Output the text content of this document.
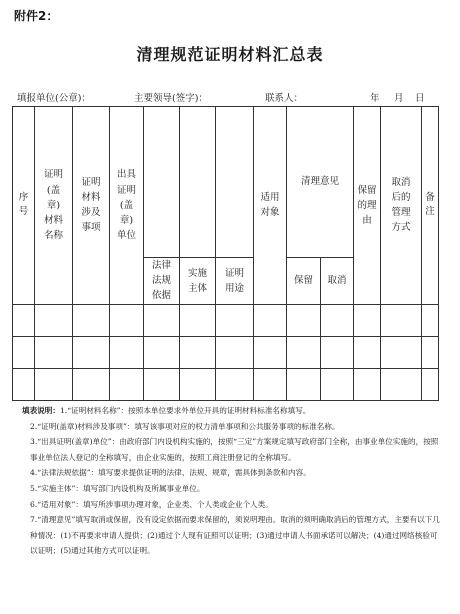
附件2：
清理规范证明材料汇总表
填报单位(公章)：	主要领导(签字)：	联系人：	年 月 日
序号	证明(盖章)材料名称	证明材料涉及事项	出具证明(盖章)单位				适用对象	清理意见		保留的理由	取消后的管理方式	备注
				法律法规依据	实施主体	证明用途		保留	取消			

填表说明：1.“证明材料名称”：按照本单位要求外单位开具的证明材料标准名称填写。

2.“证明(盖章)材料涉及事项”：填写该事项对应的权力清单事项和公共服务事项的标准名称。

3.“出具证明(盖章)单位”：由政府部门内设机构实施的，按照“三定”方案规定填写政府部门全称，由事业单位实施的，按照事业单位法人登记的全称填写，由企业实施的，按照工商注册登记的全称填写。

4.“法律法规依据”：填写要求提供证明的法律、法规、规章，需具体到条款和内容。

5.“实施主体”：填写部门内设机构及所属事业单位。

6.“适用对象”：填写所涉事项办理对象，企业类、个人类或企业个人类。

7.“清理意见”填写取消或保留，没有设定依据而要求保留的，须说明理由。取消的须明确取消后的管理方式，主要有以下几种情况：(1)不再要求申请人提供；(2)通过个人现有证照可以证明；(3)通过申请人书面承诺可以解决；(4)通过网络核验可以证明；(5)通过其他方式可以证明。
